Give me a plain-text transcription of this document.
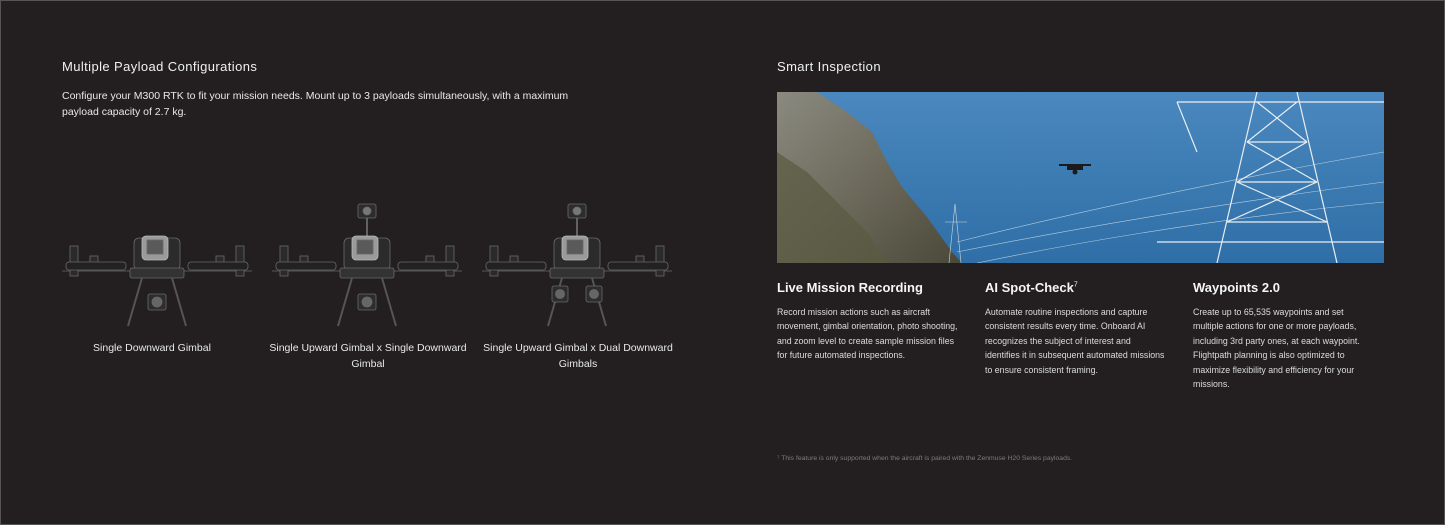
Multiple Payload Configurations
Configure your M300 RTK to fit your mission needs. Mount up to 3 payloads simultaneously, with a maximum payload capacity of 2.7 kg.
Single Downward Gimbal	Single Upward Gimbal x Single Downward Gimbal
Single Upward Gimbal x Dual Downward Gimbals
Smart Inspection
Live Mission Recording
Record mission actions such as aircraft movement, gimbal orientation, photo shooting, and zoom level to create sample mission files for future automated inspections.
AI Spot-Check$^7$
Automate routine inspections and capture consistent results every time. Onboard AI recognizes the subject of interest and identifies it in subsequent automated missions to ensure consistent framing.
Waypoints 2.0
Create up to 65,535 waypoints and set multiple actions for one or more payloads, including 3rd party ones, at each waypoint. Flightpath planning is also optimized to maximize flexibility and efficiency for your missions.
⁷ This feature is only supported when the aircraft is paired with the Zenmuse H20 Series payloads.
